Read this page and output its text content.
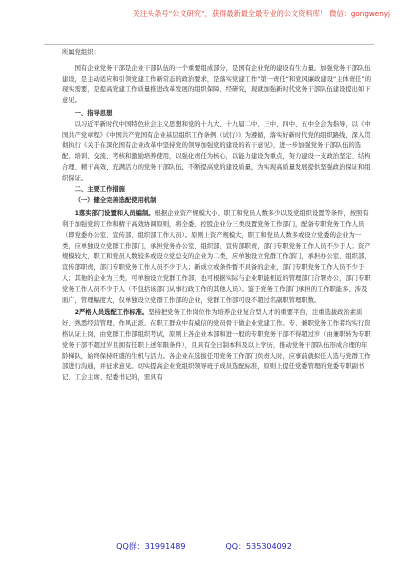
关注头条号“公文研究”，获得最新最全最专业的公文资料库！ 微信：gongwenyj

所属党组织：

国有企业党务干部是企业干部队伍的一个重要组成部分，是国有企业党的建设有生力量。加强党务干部队伍建设，是主动适应和引领党建工作新常态的政治要求，是落实党建工作“第一责任”和党风廉政建设“主体责任”的现实需要，是提高党建工作质量推进改革发展的组织保障、经研究，现就加强新时代党务干部队伍建设提出如下意见。

一、指导思想

以习近平新时代中国特色社会主义思想和党的十九大、十九届二中、三中、四中、五中全会为指导，以《中国共产党章程》《中国共产党国有企业基层组织工作条例（试行）》为遵循，落实好新时代党的组织路线，深入贯彻执行《关于在深化国有企业改革中坚持党的领导加强党的建设的若干意见》，进一步加强党务干部队伍的选配、培训、交流、考核和激励培养使用，以强化责任为核心，以能力建设为重点，努力建设一支政治坚定、结构合理、精干高效、充满活力的党务干部队伍，不断提高党的建设质量，为实现高质量发展提供坚强政治保证和组织保证。

二、主要工作措施

（一）健全完善选配使用机制

1落实部门设置和人员编制。根据企业资产规模大小、职工和党员人数多少以及党组织设置等条件，按照有利于加强党的工作和精干高效协调原则，将全委、控股企业分三类设置党务工作部门，配备专职党务工作人员（即党委办公室、宣传部、组织部工作人员）。原则上资产规模大，职工和党员人数多或设立党委的企业为一类，应单独设立党群工作部门，承担党务办公室、组织部、宣传部职责，部门专职党务工作人员不少于人；资产规模较大、职工和党员人数较多或设立党总支的企业为二类，应单独设立党群工作部门，承担办公室、组织部、宣传部职责，部门专职党务工作人员不少于人；新成立或条件暂不具备的企业，部门专职党务工作人员不少于人；其他的企业为三类，可单独设立党群工作部，也可根据实际与企业职能相近的管理部门合署办公，部门专职党务工作人员不少于人（不包括该部门从事行政工作的其他人员）。鉴于党务工作部门承担的工作职能多、涉及面广，管理幅度大，仅单独设立党群工作部的企业，党群工作部可设不超过名副职管理职数。

2严格人员选配工作标准。坚持把党务工作岗位作为培养企业复合型人才的重要平台，注重选拔政治素质好、熟悉经营管理、作风正派、在职工群众中有威信的党员骨干做企业党建工作。专、兼职党务工作者均实行资格认证上岗，由党群工作部组织考试，原则上各企业本部和进一般的专职党务干部不得超过岁（由兼职转为专职党务干部不超过岁且拥有任职上述年限条件），且具有全日制本科及以上学历，推动党务干部队伍形成合理的年龄梯队，始终保持旺盛的生机与活力。各企业在选拔任用党务工作部门负责人时，应事前就拟任人选与党群工作部进行沟通，并征求意见。切实提高企业党组织领导班子成员选配标准，原则上提任党委管理的党委专职副书记、工会主席、纪委书记的，需具有

QQ群：31991489	QQ：535304092
